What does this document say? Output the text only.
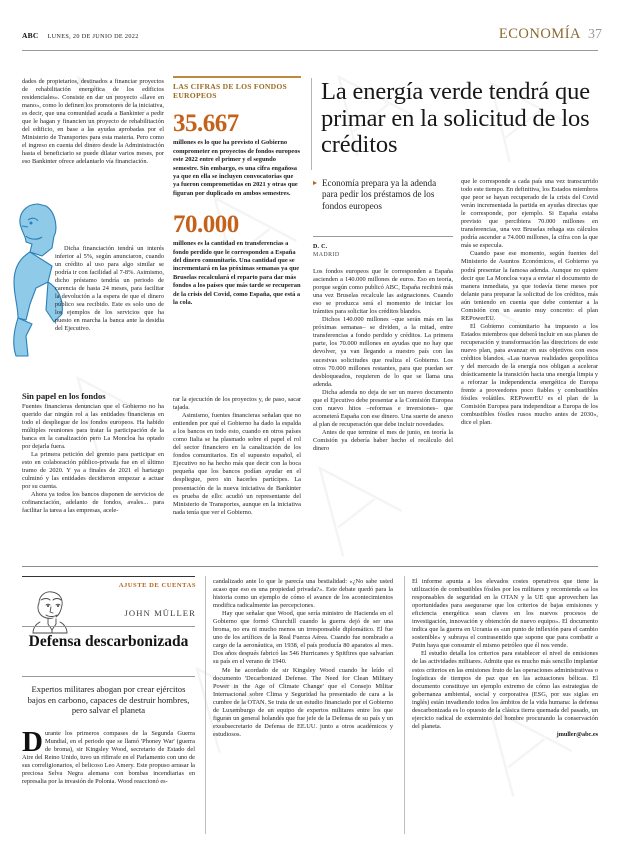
ABC LUNES, 20 DE JUNIO DE 2022	ECONOMÍA 37

dades de propietarios, destinados a financiar proyectos de rehabilitación energética de los edificios residenciales». Consiste en dar un proyecto «llave en mano», como lo definen los promotores de la iniciativa, es decir, que una comunidad acuda a Bankinter a pedir que le hagan y financien un proyecto de rehabilitación del edificio, en base a las ayudas aprobadas por el Ministerio de Transportes para esta materia. Pero como el ingreso en cuenta del dinero desde la Administración hasta el beneficiario se puede dilatar varios meses, por eso Bankinter ofrece adelantarlo vía financiación.

Dicha financiación tendrá un interés inferior al 5%, según anunciaron, cuando un crédito al uso para algo similar se podría ir con facilidad al 7-8%. Asimismo, dicho préstamo tendría un periodo de carencia de hasta 24 meses, para facilitar la devolución a la espera de que el dinero público sea recibido. Este es solo uno de los ejemplos de los servicios que ha puesto en marcha la banca ante la desidia del Ejecutivo.

Sin papel en los fondos

Fuentes financieras denuncian que el Gobierno no ha querido dar ningún rol a las entidades financieras en todo el despliegue de los fondos europeos. Ha habido múltiples reuniones para tratar la participación de la banca en la canalización pero La Moncloa ha optado por dejarla fuera.

La primera petición del gremio para participar en esto en colaboración público-privada fue en el último tramo de 2020. Y ya a finales de 2021 el hartazgo culminó y las entidades decidieron empezar a actuar por su cuenta.

Ahora ya todos los bancos disponen de servicios de cofinanciación, adelanto de fondos, avales... para facilitar la tarea a las empresas, acele-

LAS CIFRAS DE LOS FONDOS EUROPEOS
35.667
millones es lo que ha previsto el Gobierno comprometer en proyectos de fondos europeos este 2022 entre el primer y el segundo semestre. Sin embargo, es una cifra engañosa ya que en ella se incluyen convocatorias que ya fueron comprometidas en 2021 y otras que figuran por duplicado en ambos semestres.
70.000
millones es la cantidad en transferencias a fondo perdido que le corresponden a España del dinero comunitario. Una cantidad que se incrementará en las próximas semanas ya que Bruselas recalculará el reparto para dar más fondos a los países que más tarde se recuperan de la crisis del Covid, como España, que está a la cola.

rar la ejecución de los proyectos y, de paso, sacar tajada.

Asimismo, fuentes financieras señalan que no entienden por qué el Gobierno ha dado la espalda a los bancos en todo esto, cuando en otros países como Italia se ha plasmado sobre el papel el rol del sector financiero en la canalización de los fondos comunitarios. En el supuesto español, el Ejecutivo no ha hecho más que decir con la boca pequeña que los bancos podían ayudar en el despliegue, pero sin hacerles partícipes. La presentación de la nueva iniciativa de Bankinter es prueba de ello: acudió un representante del Ministerio de Transportes, aunque en la iniciativa nada tenía que ver el Gobierno.

La energía verde tendrá que primar en la solicitud de los créditos
Economía prepara ya la adenda para pedir los préstamos de los fondos europeos
D. C.
MADRID

Los fondos europeos que le corresponden a España ascienden a 140.000 millones de euros. Eso en teoría, porque según como publicó ABC, España recibirá más una vez Bruselas recalcule las asignaciones. Cuando eso se produzca será el momento de iniciar los trámites para solicitar los créditos blandos.

Dichos 140.000 millones –que serán más en las próximas semanas– se dividen, a la mitad, entre transferencias a fondo perdido y créditos. La primera parte, los 70.000 millones en ayudas que no hay que devolver, ya van llegando a nuestro país con las sucesivas solicitudes que realiza el Gobierno. Los otros 70.000 millones restantes, para que puedan ser desbloqueados, requieren de lo que se llama una adenda.

Dicha adenda no deja de ser un nuevo documento que el Ejecutivo debe presentar a la Comisión Europea con nuevo hitos –reformas e inversiones– que acometerá España con ese dinero. Una suerte de anexo al plan de recuperación que debe incluir novedades.

Antes de que termine el mes de junio, en teoría la Comisión ya debería haber hecho el recálculo del dinero

que le corresponde a cada país una vez transcurrido todo este tiempo. En definitiva, los Estados miembros que peor se hayan recuperado de la crisis del Covid verán incrementada la partida en ayudas directas que le corresponde, por ejemplo. Si España estaba previsto que percibiera 70.000 millones en transferencias, una vez Bruselas rehaga sus cálculos podría ascender a 74.000 millones, la cifra con la que más se especula.

Cuando pase ese momento, según fuentes del Ministerio de Asuntos Económicos, el Gobierno ya podrá presentar la famosa adenda. Aunque no quiere decir que La Moncloa vaya a enviar el documento de manera inmediata, ya que todavía tiene meses por delante para preparar la solicitud de los créditos, más aún teniendo en cuenta que debe contentar a la Comisión con un asunto muy concreto: el plan REPowerEU.

El Gobierno comunitario ha impuesto a los Estados miembros que deberá incluir en sus planes de recuperación y transformación las directrices de este nuevo plan, para avanzar en sus objetivos con esos créditos blandos. «Las nuevas realidades geopolítica y del mercado de la energía nos obligan a acelerar drásticamente la transición hacia una energía limpia y a reforzar la independencia energética de Europa frente a proveedores poco fiables y combustibles fósiles volátiles. REPowerEU es el plan de la Comisión Europea para independizar a Europa de los combustibles fósiles rusos mucho antes de 2030», dice el plan.

AJUSTE DE CUENTAS
JOHN MÜLLER
Defensa descarbonizada
Expertos militares abogan por crear ejércitos bajos en carbono, capaces de destruir hombres, pero salvar el planeta

Durante los primeros compases de la Segunda Guerra Mundial, en el periodo que se llamó 'Phoney War' (guerra de broma), sir Kingsley Wood, secretario de Estado del Aire del Reino Unido, tuvo un rifirrafe en el Parlamento con uno de sus correligionarios, el belicoso Leo Amery. Este propuso arrasar la preciosa Selva Negra alemana con bombas incendiarias en represalia por la invasión de Polonia. Wood reaccionó es-

candalizado ante lo que le parecía una bestialidad: «¿No sabe usted acaso que eso es una propiedad privada?». Este debate quedó para la historia como un ejemplo de cómo el avance de los acontecimientos modifica radicalmente las percepciones.

Hay que señalar que Wood, que sería ministro de Hacienda en el Gobierno que formó Churchill cuando la guerra dejó de ser una broma, no era ni mucho menos un irresponsable diplomático. El fue uno de los artífices de la Real Fuerza Aérea. Cuando fue nombrado a cargo de la aeronáutica, en 1938, el país producía 80 aparatos al mes. Dos años después fabricó las 546 Hurricanes y Spitfires que salvarían su país en el verano de 1940.

Me he acordado de sir Kingsley Wood cuando he leído el documento 'Decarbonized Defense. The Need for Clean Military Power in the Age of Climate Change' que el Consejo Militar Internacional sobre Clima y Seguridad ha presentado de cara a la cumbre de la OTAN. Se trata de un estudio financiado por el Gobierno de Luxemburgo de un equipo de expertos militares entre los que figuran un general holandés que fue jefe de la Defensa de su país y un exsubsecretario de Defensa de EE.UU. junto a otros académicos y estudiosos.

El informe apunta a los elevados costes operativos que tiene la utilización de combustibles fósiles por los militares y recomienda «a los responsables de seguridad en la OTAN y la UE que aprovechen las oportunidades para asegurarse que los criterios de bajas emisiones y eficiencia energética sean claves en los nuevos procesos de investigación, innovación y obtención de nuevo equipo». El documento indica que la guerra en Ucrania es «un punto de inflexión para el cambio sostenible» y subraya el contrasentido que supone que para combatir a Putin haya que consumir el mismo petróleo que él nos vende.

El estudio detalla los criterios para establecer el nivel de emisiones de las actividades militares. Admite que es mucho más sencillo implantar estos criterios en las emisiones fruto de las operaciones administrativas o logísticas de tiempos de paz que en las actuaciones bélicas. El documento constituye un ejemplo extremo de cómo las estrategias de gobernanza ambiental, social y corporativa (ESG, por sus siglas en inglés) están invadiendo todos los ámbitos de la vida humana: la defensa descarbonizada es lo opuesto de la clásica tierra quemada del pasado, un ejercicio radical de exterminio del hombre procurando la conservación del planeta.

jmuller@abc.es
